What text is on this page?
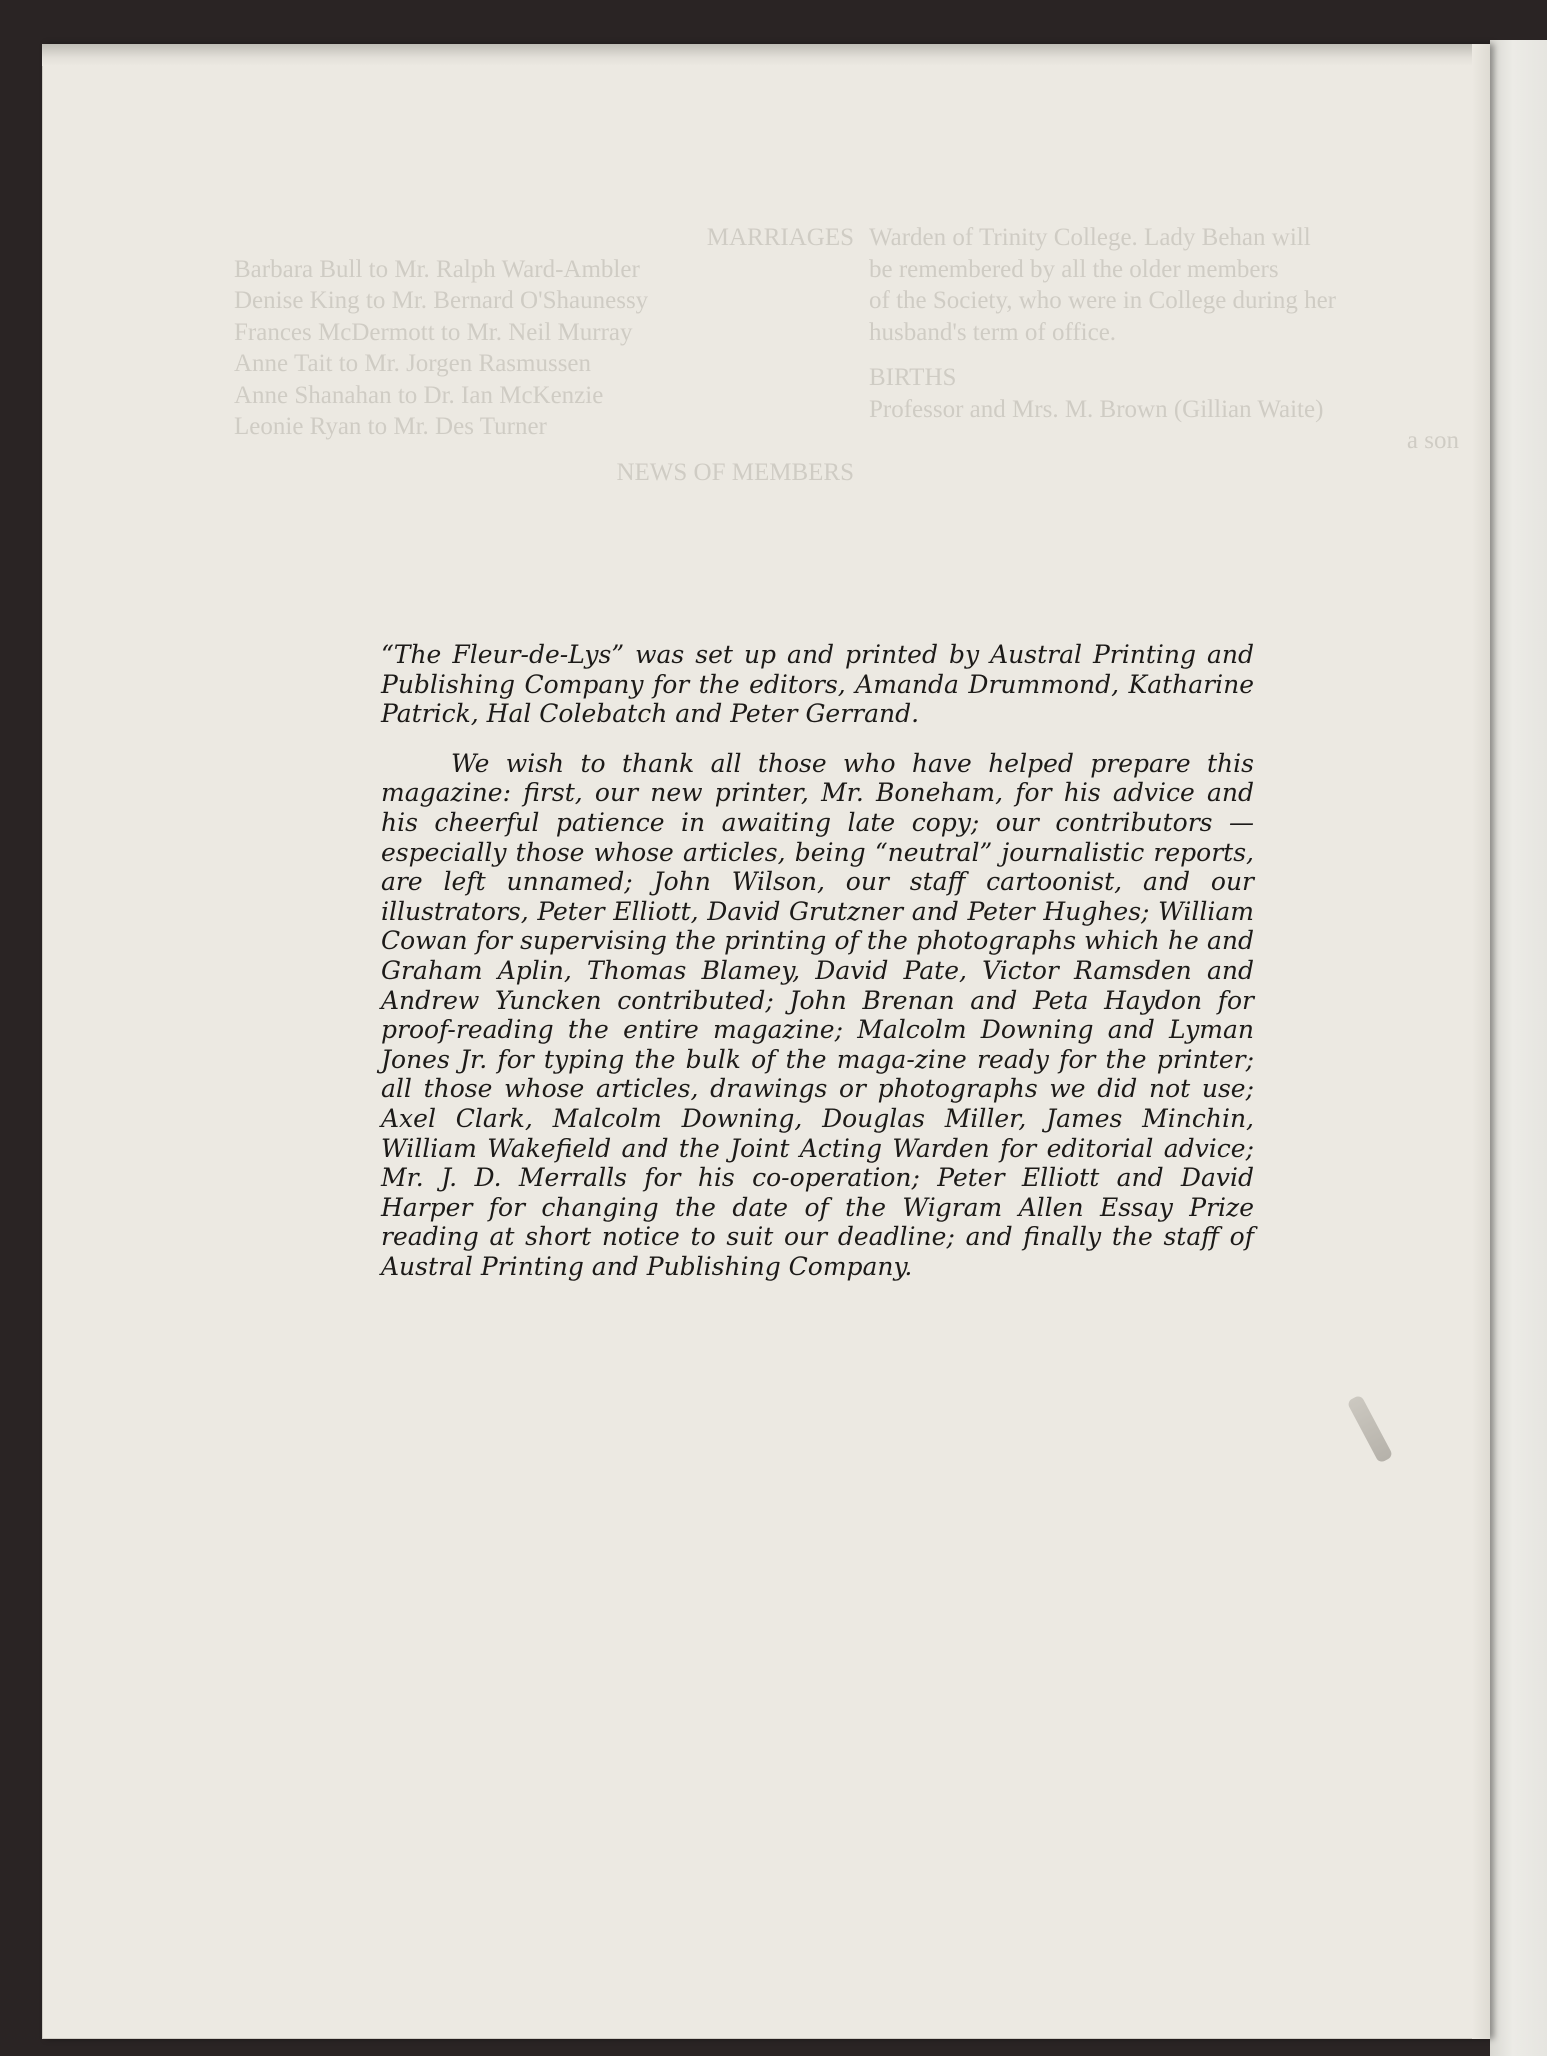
MARRIAGES
Barbara Bull to Mr. Ralph Ward-Ambler
Denise King to Mr. Bernard O'Shaunessy
Frances McDermott to Mr. Neil Murray
Anne Tait to Mr. Jorgen Rasmussen
Anne Shanahan to Dr. Ian McKenzie
Leonie Ryan to Mr. Des Turner
NEWS OF MEMBERS
Warden of Trinity College. Lady Behan will
be remembered by all the older members
of the Society, who were in College during her
husband's term of office.
BIRTHS
Professor and Mrs. M. Brown (Gillian Waite)
a son

“The Fleur-de-Lys” was set up and printed by Austral Printing and Publishing Company for the editors, Amanda Drummond, Katharine Patrick, Hal Colebatch and Peter Gerrand.

We wish to thank all those who have helped prepare this magazine: first, our new printer, Mr. Boneham, for his advice and his cheerful patience in awaiting late copy; our contributors —especially those whose articles, being “neutral” journalistic reports, are left unnamed; John Wilson, our staff cartoonist, and our illustrators, Peter Elliott, David Grutzner and Peter Hughes; William Cowan for supervising the printing of the photographs which he and Graham Aplin, Thomas Blamey, David Pate, Victor Ramsden and Andrew Yuncken contributed; John Brenan and Peta Haydon for proof-reading the entire magazine; Malcolm Downing and Lyman Jones Jr. for typing the bulk of the maga-zine ready for the printer; all those whose articles, drawings or photographs we did not use; Axel Clark, Malcolm Downing, Douglas Miller, James Minchin, William Wakefield and the Joint Acting Warden for editorial advice; Mr. J. D. Merralls for his co-operation; Peter Elliott and David Harper for changing the date of the Wigram Allen Essay Prize reading at short notice to suit our deadline; and finally the staff of Austral Printing and Publishing Company.
